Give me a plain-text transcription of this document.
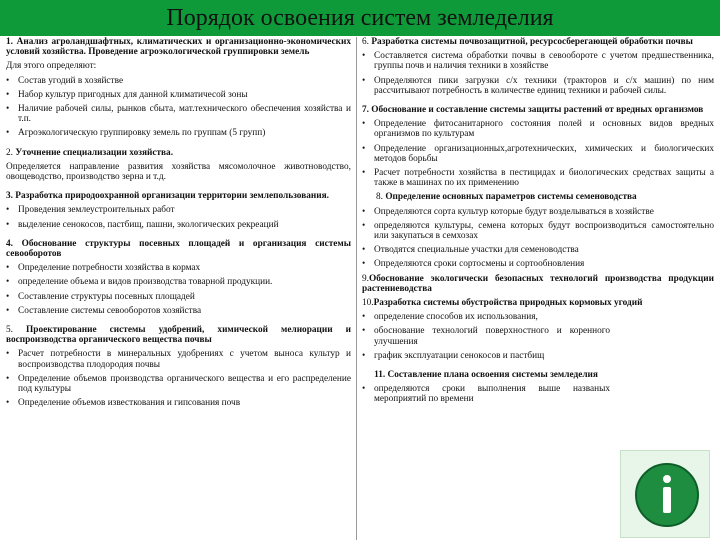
Порядок освоения систем земледелия

1. Анализ агроландшафтных, климатических и организационно-экономических условий хозяйства. Проведение агроэкологической группировки земель

Для этого определяют:

• Состав угодий в хозяйстве

• Набор культур пригодных для данной климатичесой зоны

• Наличие рабочей силы, рынков сбыта, мат.технического обеспечения хозяйства и т.п.

• Агроэкологическую группировку земель по группам (5 групп)

2. Уточнение специализации хозяйства.

Определяется направление развития хозяйства мясомолочное животноводство, овощеводство, производство зерна и т.д.

3. Разработка природоохранной организации территории землепользования.

• Проведения землеустроительных работ

• выделение сенокосов, пастбищ, пашни, экологических рекреаций

4. Обоснование структуры посевных площадей и организация системы севооборотов

• Определение потребности хозяйства в кормах

• определение объема и видов производства товарной продукции.

• Составление структуры посевных площадей

• Составление системы севооборотов хозяйства

5. Проектирование системы удобрений, химической мелиорации и воспроизводства органического вещества почвы

• Расчет потребности в минеральных удобрениях с учетом выноса культур и воспроизводства плодородия почвы

• Определение объемов производства органического вещества и его распределение под культуры

• Определение объемов известкования и гипсования почв

6. Разработка системы почвозащитной, ресурсосберегающей обработки почвы

• Составляется система обработки почвы в севообороте с учетом предшественника, группы почв и наличия техники в хозяйстве

• Определяются пики загрузки с/х техники (тракторов и с/х машин) по ним рассчитывают потребность в количестве единиц техники и рабочей силы.

7. Обоснование и составление системы защиты растений от вредных организмов

• Определение фитосанитарного состояния полей и основных видов вредных организмов по культурам

• Определение организационных,агротехнических, химических и биологических методов борьбы

• Расчет потребности хозяйства в пестицидах и биологических средствах защиты а также в машинах по их применению

8. Определение основных параметров системы семеноводства

• Определяются сорта культур которые будут возделываться в хозяйстве

• определяются культуры, семена которых будут воспроизводиться самостоятельно или закупаться в семхозах

• Отводятся специальные участки для семеноводства

• Определяются сроки сортосмены и сортообновления

9.Обоснование экологически безопасных технологий производства продукции растениеводства

10.Разработка системы обустройства природных кормовых угодий

• определение способов их использования,

• обоснование технологий поверхностного и коренного улучшения

• график эксплуатации сенокосов и пастбищ

11. Составление плана освоения системы земледелия

• определяются сроки выполнения выше названых мероприятий по времени
